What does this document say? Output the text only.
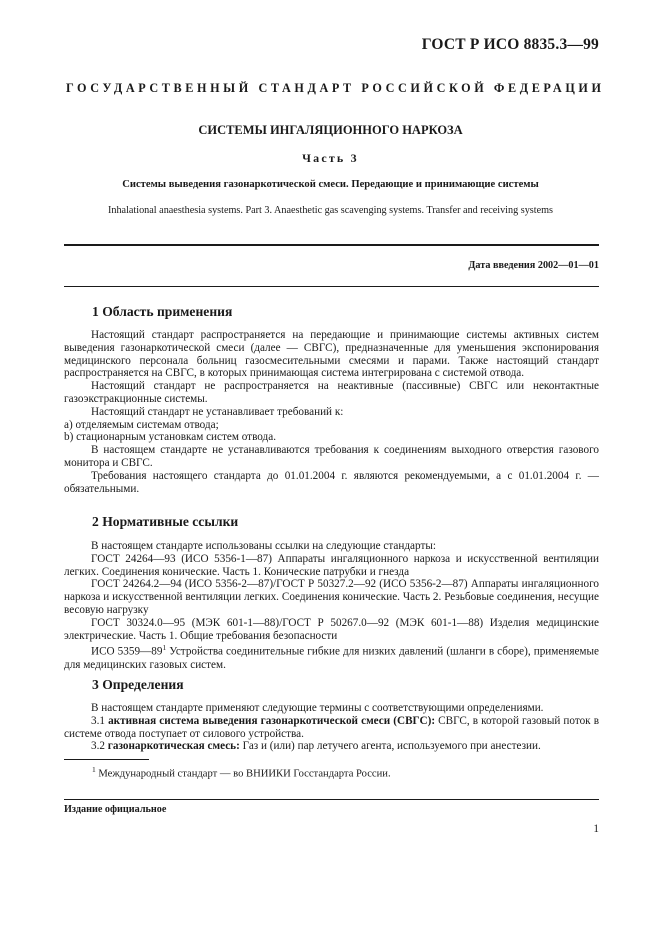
ГОСТ Р ИСО 8835.3—99
ГОСУДАРСТВЕННЫЙ СТАНДАРТ РОССИЙСКОЙ ФЕДЕРАЦИИ
СИСТЕМЫ ИНГАЛЯЦИОННОГО НАРКОЗА
Часть 3
Системы выведения газонаркотической смеси. Передающие и принимающие системы
Inhalational anaesthesia systems. Part 3. Anaesthetic gas scavenging systems. Transfer and receiving systems
Дата введения 2002—01—01
1 Область применения

Настоящий стандарт распространяется на передающие и принимающие системы активных систем выведения газонаркотической смеси (далее — СВГС), предназначенные для уменьшения экспонирования медицинского персонала больниц газосмесительными смесями и парами. Также настоящий стандарт распространяется на СВГС, в которых принимающая система интегрирована с системой отвода.

Настоящий стандарт не распространяется на неактивные (пассивные) СВГС или неконтактные газоэкстракционные системы.

Настоящий стандарт не устанавливает требований к:

a) отделяемым системам отвода;

b) стационарным установкам систем отвода.

В настоящем стандарте не устанавливаются требования к соединениям выходного отверстия газового монитора и СВГС.

Требования настоящего стандарта до 01.01.2004 г. являются рекомендуемыми, а с 01.01.2004 г. — обязательными.

2 Нормативные ссылки

В настоящем стандарте использованы ссылки на следующие стандарты:

ГОСТ 24264—93 (ИСО 5356-1—87) Аппараты ингаляционного наркоза и искусственной вентиляции легких. Соединения конические. Часть 1. Конические патрубки и гнезда

ГОСТ 24264.2—94 (ИСО 5356-2—87)/ГОСТ Р 50327.2—92 (ИСО 5356-2—87) Аппараты ингаляционного наркоза и искусственной вентиляции легких. Соединения конические. Часть 2. Резьбовые соединения, несущие весовую нагрузку

ГОСТ 30324.0—95 (МЭК 601-1—88)/ГОСТ Р 50267.0—92 (МЭК 601-1—88) Изделия медицинские электрические. Часть 1. Общие требования безопасности

ИСО $5359—89^1$ Устройства соединительные гибкие для низких давлений (шланги в сборе), применяемые для медицинских газовых систем.

3 Определения

В настоящем стандарте применяют следующие термины с соответствующими определениями.

3.1 активная система выведения газонаркотической смеси (СВГС): СВГС, в которой газовый поток в системе отвода поступает от силового устройства.

3.2 газонаркотическая смесь: Газ и (или) пар летучего агента, используемого при анестезии.

$^1$ Международный стандарт — во ВНИИКИ Госстандарта России.
Издание официальное
1
